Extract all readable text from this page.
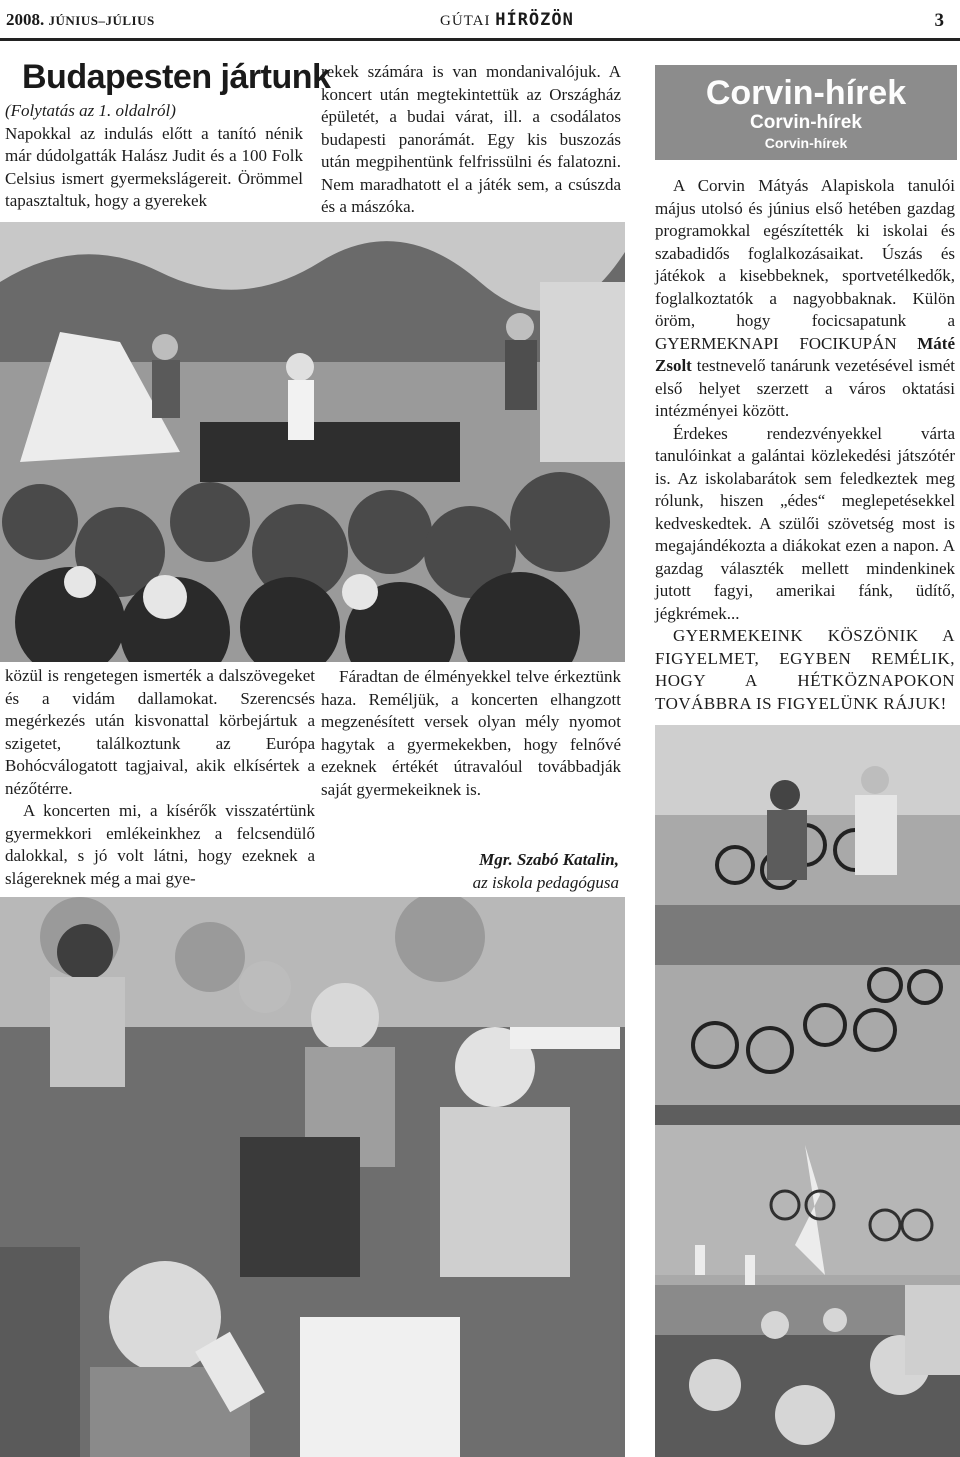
2008. JÚNIUS–JÚLIUS	GÚTAI HÍRÖZÖN	3
Budapesten jártunk

(Folytatás az 1. oldalról)

Napokkal az indulás előtt a tanító nénik már dúdolgatták Halász Judit és a 100 Folk Celsius ismert gyermekslágereit. Örömmel tapasztaltuk, hogy a gyerekek

közül is rengetegen ismerték a dalszövegeket és a vidám dallamokat. Szerencsés megérkezés után kisvonattal körbejártuk a szigetet, találkoztunk az Európa Bohócválogatott tagjaival, akik elkísértek a nézőtérre.

A koncerten mi, a kísérők visszatértünk gyermekkori emlékeinkhez a felcsendülő dalokkal, s jó volt látni, hogy ezeknek a slágereknek még a mai gye-

rekek számára is van mondanivalójuk. A koncert után megtekintettük az Országház épületét, a budai várat, ill. a csodálatos budapesti panorámát. Egy kis buszozás után megpihentünk felfrissülni és falatozni. Nem maradhatott el a játék sem, a csúszda és a mászóka.

Fáradtan de élményekkel telve érkeztünk haza. Reméljük, a koncerten elhangzott megzenésített versek olyan mély nyomot hagytak a gyermekekben, hogy felnővé ezeknek értékét útravalóul továbbadják saját gyermekeiknek is.

Mgr. Szabó Katalin,
az iskola pedagógusa
Corvin-hírek
Corvin-hírek
Corvin-hírek

A Corvin Mátyás Alapiskola tanulói május utolsó és június első hetében gazdag programokkal egészítették ki iskolai és szabadidős foglalkozásaikat. Úszás és játékok a kisebbeknek, sportvetélkedők, foglalkoztatók a nagyobbaknak. Külön öröm, hogy focicsapatunk a GYERMEKNAPI FOCIKUPÁN Máté Zsolt testnevelő tanárunk vezetésével ismét első helyet szerzett a város oktatási intézményei között.

Érdekes rendezvényekkel várta tanulóinkat a galántai közlekedési játszótér is. Az iskolabarátok sem feledkeztek meg rólunk, hiszen „édes“ meglepetésekkel kedveskedtek. A szülői szövetség most is megajándékozta a diákokat ezen a napon. A gazdag választék mellett mindenkinek jutott fagyi, amerikai fánk, üdítő, jégkrémek...

GYERMEKEINK KÖSZÖNIK A FIGYELMET, EGYBEN REMÉLIK, HOGY A HÉTKÖZNAPOKON TOVÁBBRA IS FIGYELÜNK RÁJUK!
